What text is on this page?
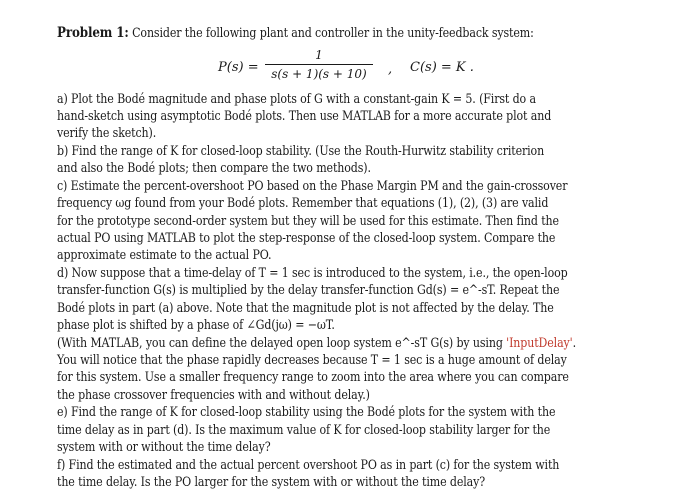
Problem 1: Consider the following plant and controller in the unity-feedback system:
P(s) =
1
s(s + 1)(s + 10)	, C(s) = K .
a) Plot the Bodé magnitude and phase plots of G with a constant-gain K = 5. (First do a
hand-sketch using asymptotic Bodé plots. Then use MATLAB for a more accurate plot and
verify the sketch).
b) Find the range of K for closed-loop stability. (Use the Routh-Hurwitz stability criterion
and also the Bodé plots; then compare the two methods).
c) Estimate the percent-overshoot PO based on the Phase Margin PM and the gain-crossover
frequency ωg found from your Bodé plots. Remember that equations (1), (2), (3) are valid
for the prototype second-order system but they will be used for this estimate. Then find the
actual PO using MATLAB to plot the step-response of the closed-loop system. Compare the
approximate estimate to the actual PO.
d) Now suppose that a time-delay of T = 1 sec is introduced to the system, i.e., the open-loop
transfer-function G(s) is multiplied by the delay transfer-function Gd(s) = e^-sT. Repeat the
Bodé plots in part (a) above. Note that the magnitude plot is not affected by the delay. The
phase plot is shifted by a phase of ∠Gd(jω) = −ωT.
(With MATLAB, you can define the delayed open loop system e^-sT G(s) by using 'InputDelay'.
You will notice that the phase rapidly decreases because T = 1 sec is a huge amount of delay
for this system. Use a smaller frequency range to zoom into the area where you can compare
the phase crossover frequencies with and without delay.)
e) Find the range of K for closed-loop stability using the Bodé plots for the system with the
time delay as in part (d). Is the maximum value of K for closed-loop stability larger for the
system with or without the time delay?
f) Find the estimated and the actual percent overshoot PO as in part (c) for the system with
the time delay. Is the PO larger for the system with or without the time delay?
